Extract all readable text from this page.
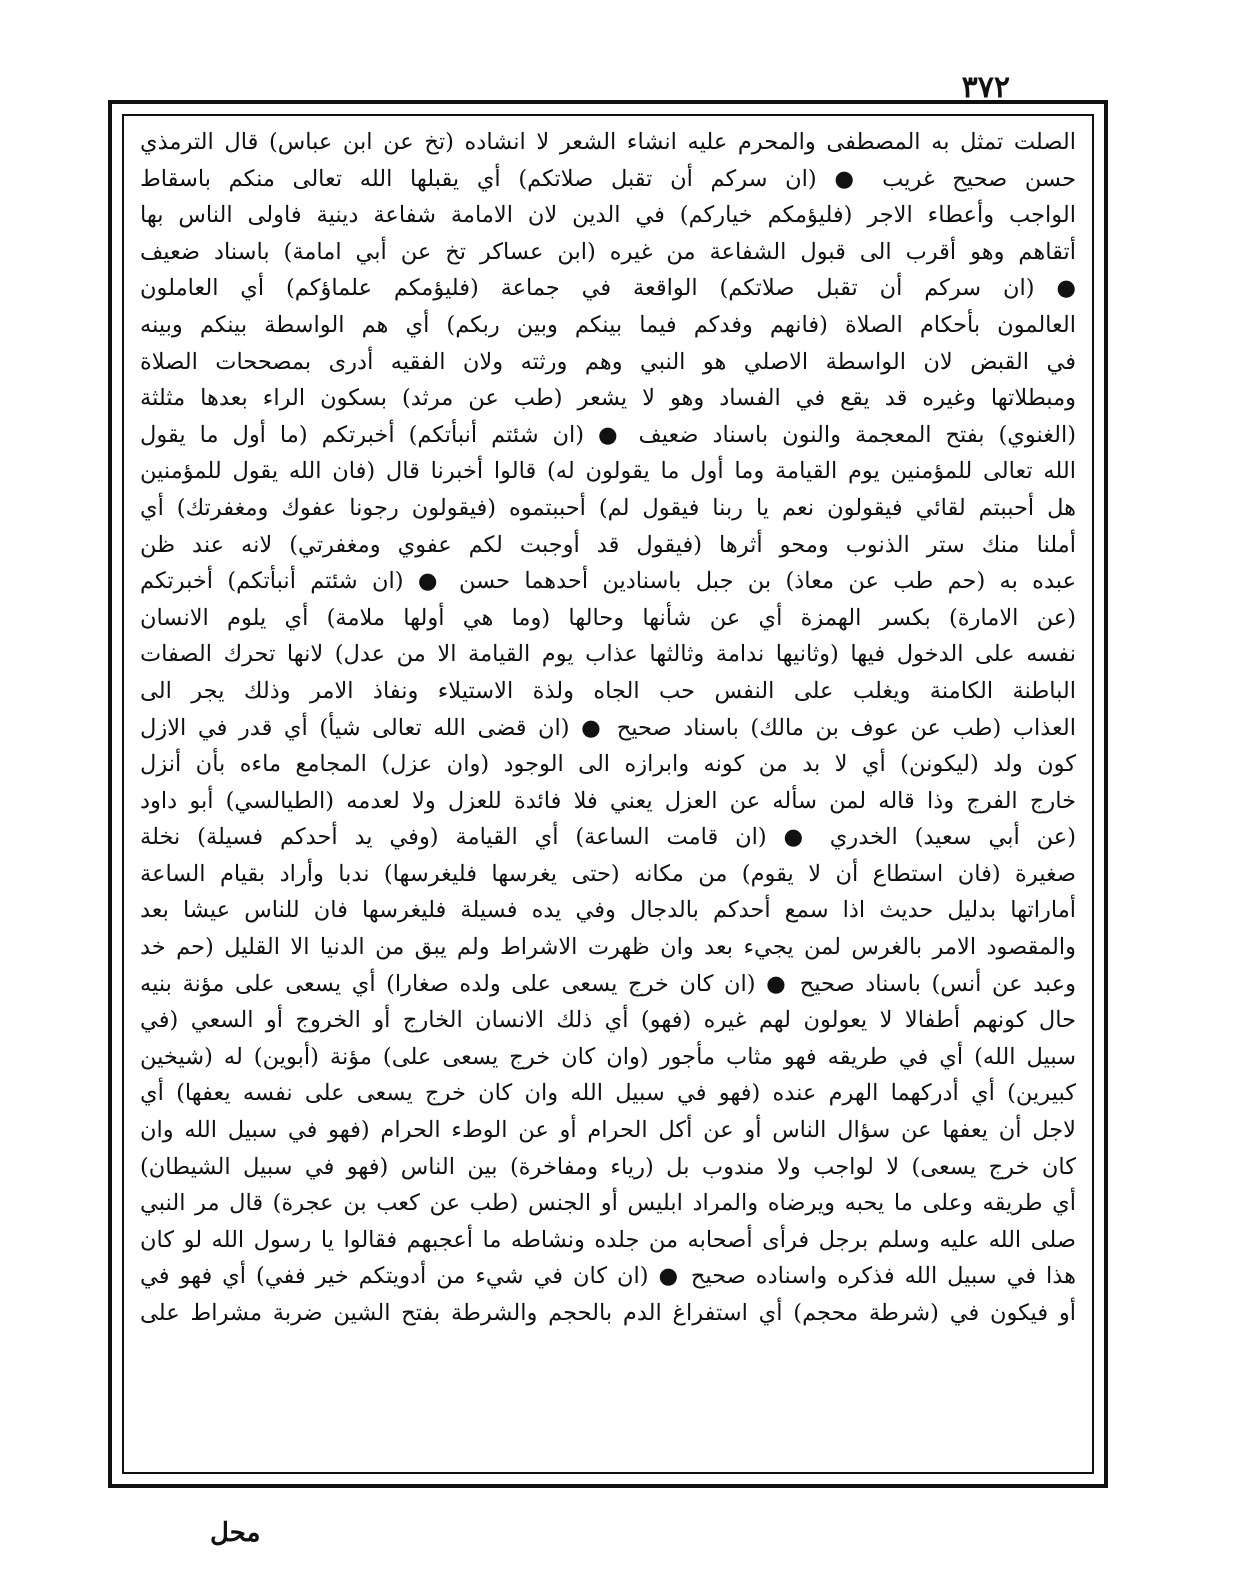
٣٧٢
الصلت تمثل به المصطفى والمحرم عليه انشاء الشعر لا انشاده (تخ عن ابن عباس) قال الترمذي
حسن صحيح غريب ● (ان سركم أن تقبل صلاتكم) أي يقبلها الله تعالى منكم باسقاط
الواجب وأعطاء الاجر (فليؤمكم خياركم) في الدين لان الامامة شفاعة دينية فاولى الناس بها
أتقاهم وهو أقرب الى قبول الشفاعة من غيره (ابن عساكر تخ عن أبي امامة) باسناد ضعيف
● (ان سركم أن تقبل صلاتكم) الواقعة في جماعة (فليؤمكم علماؤكم) أي العاملون
العالمون بأحكام الصلاة (فانهم وفدكم فيما بينكم وبين ربكم) أي هم الواسطة بينكم وبينه
في القبض لان الواسطة الاصلي هو النبي وهم ورثته ولان الفقيه أدرى بمصححات الصلاة
ومبطلاتها وغيره قد يقع في الفساد وهو لا يشعر (طب عن مرثد) بسكون الراء بعدها مثلثة
(الغنوي) بفتح المعجمة والنون باسناد ضعيف ● (ان شئتم أنبأتكم) أخبرتكم (ما أول ما يقول
الله تعالى للمؤمنين يوم القيامة وما أول ما يقولون له) قالوا أخبرنا قال (فان الله يقول للمؤمنين
هل أحببتم لقائي فيقولون نعم يا ربنا فيقول لم) أحببتموه (فيقولون رجونا عفوك ومغفرتك) أي
أملنا منك ستر الذنوب ومحو أثرها (فيقول قد أوجبت لكم عفوي ومغفرتي) لانه عند ظن
عبده به (حم طب عن معاذ) بن جبل باسنادين أحدهما حسن ● (ان شئتم أنبأتكم) أخبرتكم
(عن الامارة) بكسر الهمزة أي عن شأنها وحالها (وما هي أولها ملامة) أي يلوم الانسان
نفسه على الدخول فيها (وثانيها ندامة وثالثها عذاب يوم القيامة الا من عدل) لانها تحرك الصفات
الباطنة الكامنة ويغلب على النفس حب الجاه ولذة الاستيلاء ونفاذ الامر وذلك يجر الى
العذاب (طب عن عوف بن مالك) باسناد صحيح ● (ان قضى الله تعالى شيأ) أي قدر في الازل
كون ولد (ليكونن) أي لا بد من كونه وابرازه الى الوجود (وان عزل) المجامع ماءه بأن أنزل
خارج الفرج وذا قاله لمن سأله عن العزل يعني فلا فائدة للعزل ولا لعدمه (الطيالسي) أبو داود
(عن أبي سعيد) الخدري ● (ان قامت الساعة) أي القيامة (وفي يد أحدكم فسيلة) نخلة
صغيرة (فان استطاع أن لا يقوم) من مكانه (حتى يغرسها فليغرسها) ندبا وأراد بقيام الساعة
أماراتها بدليل حديث اذا سمع أحدكم بالدجال وفي يده فسيلة فليغرسها فان للناس عيشا بعد
والمقصود الامر بالغرس لمن يجيء بعد وان ظهرت الاشراط ولم يبق من الدنيا الا القليل (حم خد
وعبد عن أنس) باسناد صحيح ● (ان كان خرج يسعى على ولده صغارا) أي يسعى على مؤنة بنيه
حال كونهم أطفالا لا يعولون لهم غيره (فهو) أي ذلك الانسان الخارج أو الخروج أو السعي (في
سبيل الله) أي في طريقه فهو مثاب مأجور (وان كان خرج يسعى على) مؤنة (أبوين) له (شيخين
كبيرين) أي أدركهما الهرم عنده (فهو في سبيل الله وان كان خرج يسعى على نفسه يعفها) أي
لاجل أن يعفها عن سؤال الناس أو عن أكل الحرام أو عن الوطء الحرام (فهو في سبيل الله وان
كان خرج يسعى) لا لواجب ولا مندوب بل (رياء ومفاخرة) بين الناس (فهو في سبيل الشيطان)
أي طريقه وعلى ما يحبه ويرضاه والمراد ابليس أو الجنس (طب عن كعب بن عجرة) قال مر النبي
صلى الله عليه وسلم برجل فرأى أصحابه من جلده ونشاطه ما أعجبهم فقالوا يا رسول الله لو كان
هذا في سبيل الله فذكره واسناده صحيح ● (ان كان في شيء من أدويتكم خير ففي) أي فهو في
أو فيكون في (شرطة محجم) أي استفراغ الدم بالحجم والشرطة بفتح الشين ضربة مشراط على
محل
